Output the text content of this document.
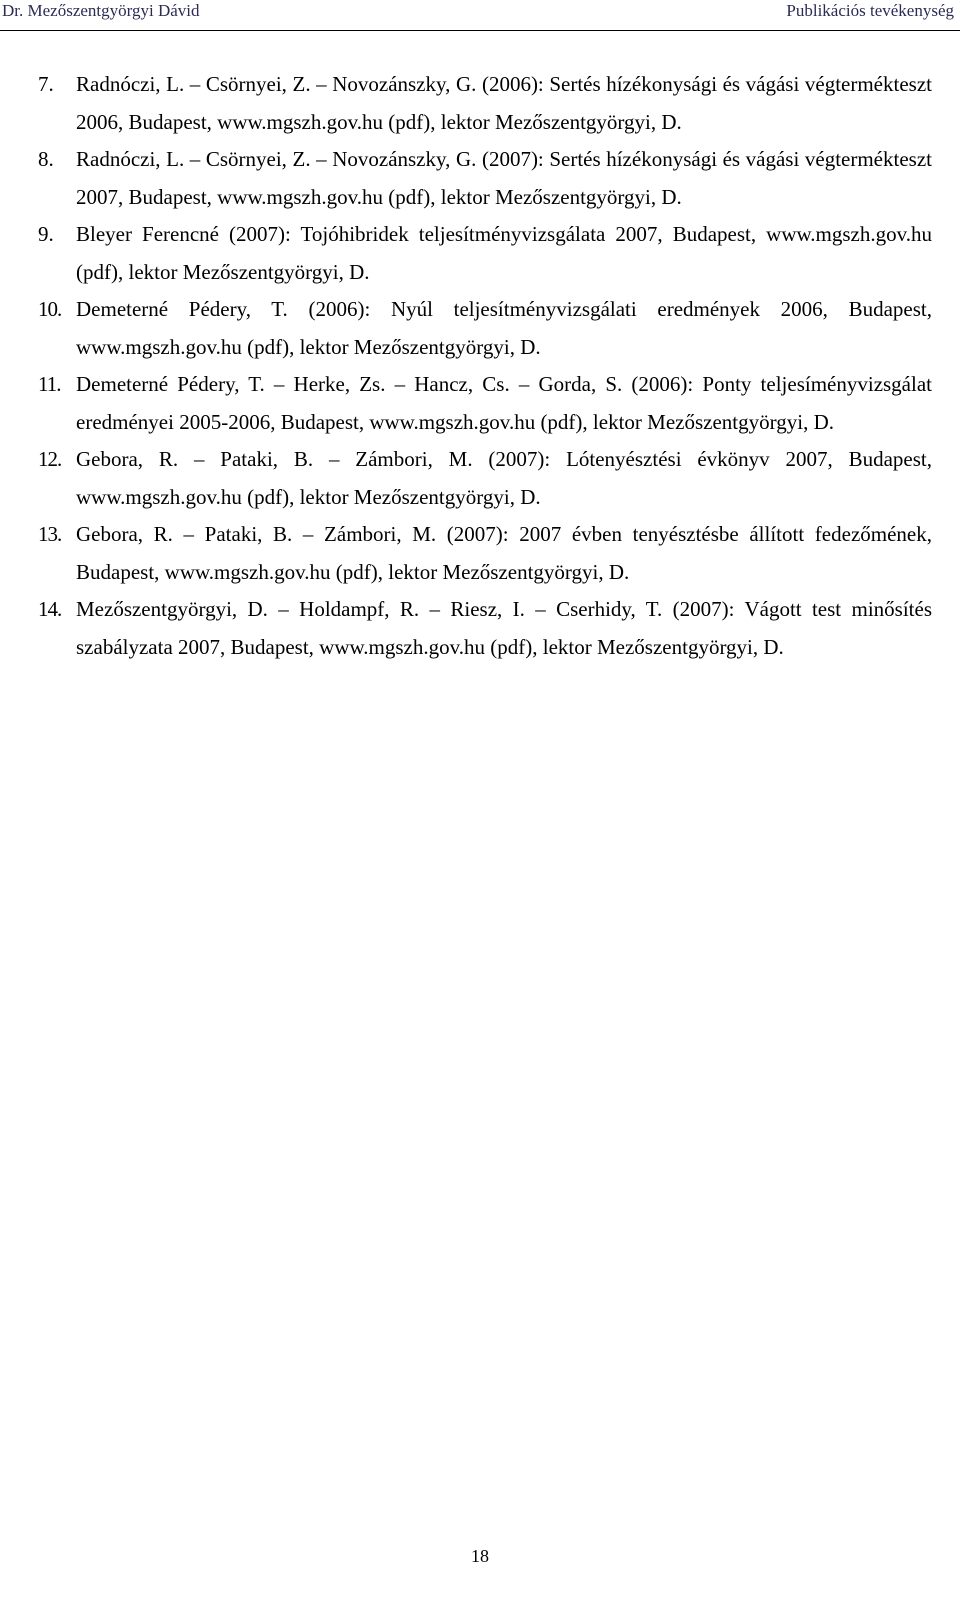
Dr. Mezőszentgyörgyi Dávid	Publikációs tevékenység
7.	Radnóczi, L. – Csörnyei, Z. – Novozánszky, G. (2006): Sertés hízékonysági és vágási végtermékteszt 2006, Budapest, www.mgszh.gov.hu (pdf), lektor Mezőszentgyörgyi, D.
8.	Radnóczi, L. – Csörnyei, Z. – Novozánszky, G. (2007): Sertés hízékonysági és vágási végtermékteszt 2007, Budapest, www.mgszh.gov.hu (pdf), lektor Mezőszentgyörgyi, D.
9.	Bleyer Ferencné (2007): Tojóhibridek teljesítményvizsgálata 2007, Budapest, www.mgszh.gov.hu (pdf), lektor Mezőszentgyörgyi, D.
10. Demeterné Pédery, T. (2006): Nyúl teljesítményvizsgálati eredmények 2006, Budapest, www.mgszh.gov.hu (pdf), lektor Mezőszentgyörgyi, D.
11. Demeterné Pédery, T. – Herke, Zs. – Hancz, Cs. – Gorda, S. (2006): Ponty teljesíményvizsgálat eredményei 2005-2006, Budapest, www.mgszh.gov.hu (pdf), lektor Mezőszentgyörgyi, D.
12. Gebora, R. – Pataki, B. – Zámbori, M. (2007): Lótenyésztési évkönyv 2007, Budapest, www.mgszh.gov.hu (pdf), lektor Mezőszentgyörgyi, D.
13. Gebora, R. – Pataki, B. – Zámbori, M. (2007): 2007 évben tenyésztésbe állított fedezőmének, Budapest, www.mgszh.gov.hu (pdf), lektor Mezőszentgyörgyi, D.
14. Mezőszentgyörgyi, D. – Holdampf, R. – Riesz, I. – Cserhidy, T. (2007): Vágott test minősítés szabályzata 2007, Budapest, www.mgszh.gov.hu (pdf), lektor Mezőszentgyörgyi, D.
18
